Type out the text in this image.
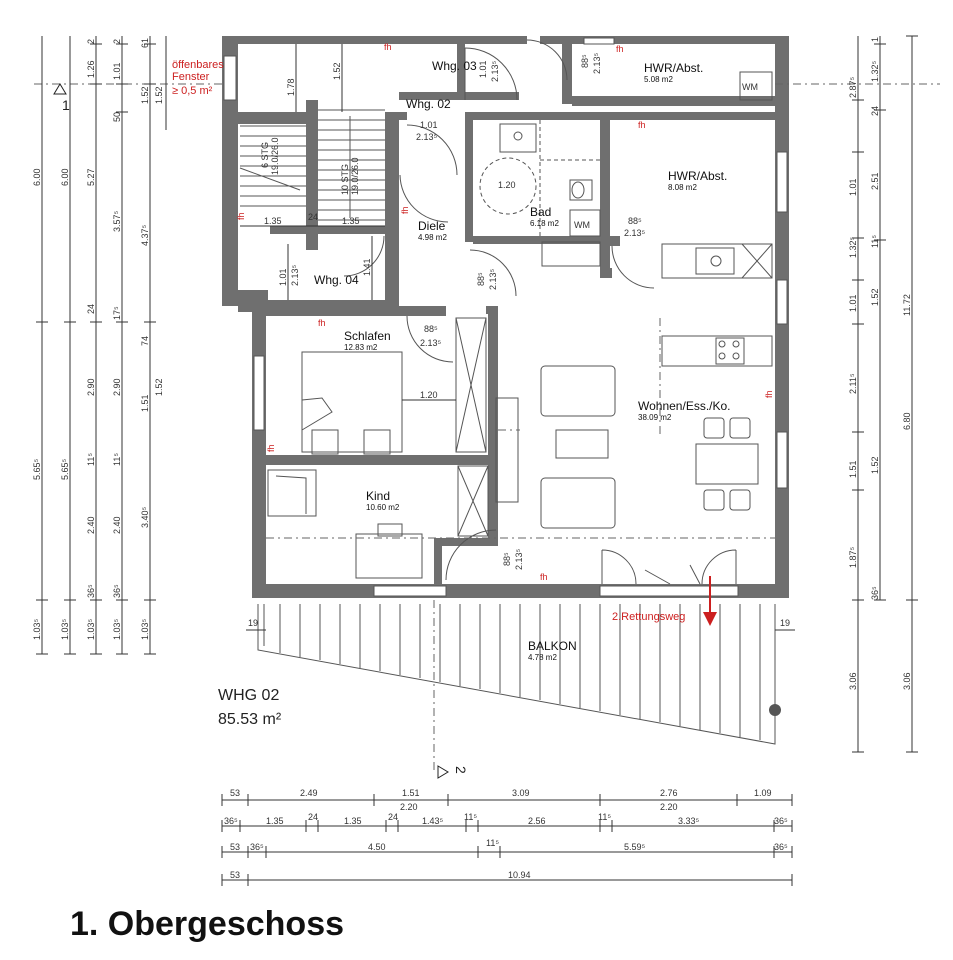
6 STG 19.0/26.0
10 STG 19.0/26.0
WM
WM
Whg. 03
Whg. 02
Whg. 04
HWR/Abst.
5.08 m2
HWR/Abst.
8.08 m2
Bad
6.18 m2
Diele
4.98 m2
Schlafen
12.83 m2
Kind
10.60 m2
Wohnen/Ess./Ko.
38.09 m2
BALKON
4.78 m2
WHG 02
85.53 m²
öffenbares
Fenster
≥ 0,5 m²
fh	fh
fh
fh
fh
fh
fh
fh
fh
2.Rettungsweg
1
2
1.78
1.52	1.01 2.13⁵	88⁵ 2.13⁵
1.01
2.13⁵
1.20
88⁵
2.13⁵
1.35	24	1.35
1.01 2.13⁵	1.41
88⁵ 2.13⁵
88⁵
2.13⁵
1.20
88⁵ 2.13⁵
19	19
6.00
5.65⁵
1.03⁵
6.00
5.65⁵
1.03⁵
2
1.26
5.27
24
2.90
11⁵
2.40
36⁵
1.03⁵
2
1.01
50
3.57⁵
17⁵
2.90
11⁵
2.40
36⁵
1.03⁵
61
1.52
4.37⁵
74
1.51
3.40⁵
1.03⁵
1.52
1.52
2.87⁵
1.01
1.32⁵
1.01
2.11⁵
1.51
1.87⁵
3.06
1
1.32⁵
24
2.51
11⁵
1.52
1.52
36⁵
11.72
6.80
3.06
53	2.49	1.51	3.09	2.76	1.09
2.20	2.20
36⁵	1.35	24	1.35	24	1.43⁵ 11⁵	2.56	11⁵	3.33⁵	36⁵
53 36⁵	4.50	11⁵	5.59⁵	36⁵
53	10.94
1. Obergeschoss
